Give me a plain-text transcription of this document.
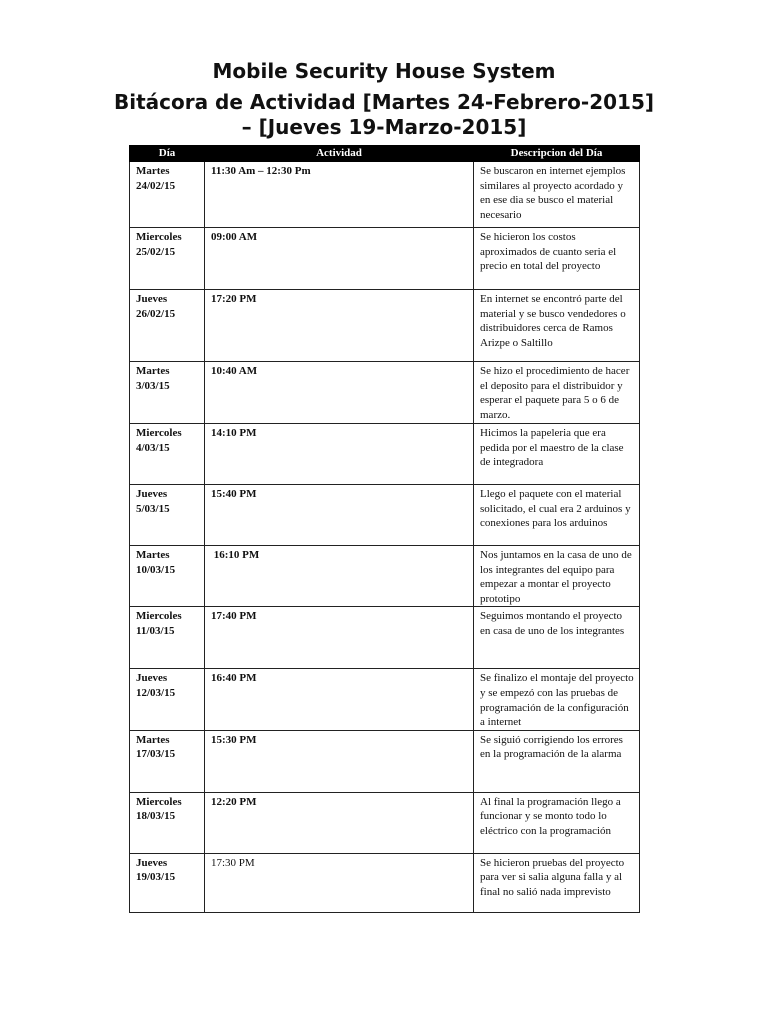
Mobile Security House System
Bitácora de Actividad [Martes 24-Febrero-2015]
– [Jueves 19-Marzo-2015]
Día	Actividad	Descripcion del Día

Martes
24/02/15	11:30 Am – 12:30 Pm	Se buscaron en internet ejemplos similares al proyecto acordado y en ese dia se busco el material necesario

Miercoles
25/02/15	09:00 AM	Se hicieron los costos aproximados de cuanto seria el precio en total del proyecto

Jueves
26/02/15	17:20 PM	En internet se encontró parte del material y se busco vendedores o distribuidores cerca de Ramos Arizpe o Saltillo

Martes
3/03/15	10:40 AM	Se hizo el procedimiento de hacer el deposito para el distribuidor y esperar el paquete para 5 o 6 de marzo.

Miercoles
4/03/15	14:10 PM	Hicimos la papeleria que era pedida por el maestro de la clase de integradora

Jueves
5/03/15	15:40 PM	Llego el paquete con el material solicitado, el cual era 2 arduinos y conexiones para los arduinos

Martes
10/03/15	16:10 PM	Nos juntamos en la casa de uno de los integrantes del equipo para empezar a montar el proyecto prototipo

Miercoles
11/03/15	17:40 PM	Seguimos montando el proyecto en casa de uno de los integrantes

Jueves
12/03/15	16:40 PM	Se finalizo el montaje del proyecto y se empezó con las pruebas de programación de la configuración a internet

Martes
17/03/15	15:30 PM	Se siguió corrigiendo los errores en la programación de la alarma

Miercoles
18/03/15	12:20 PM	Al final la programación llego a funcionar y se monto todo lo eléctrico con la programación

Jueves
19/03/15	17:30 PM	Se hicieron pruebas del proyecto para ver si salia alguna falla y al final no salió nada imprevisto
